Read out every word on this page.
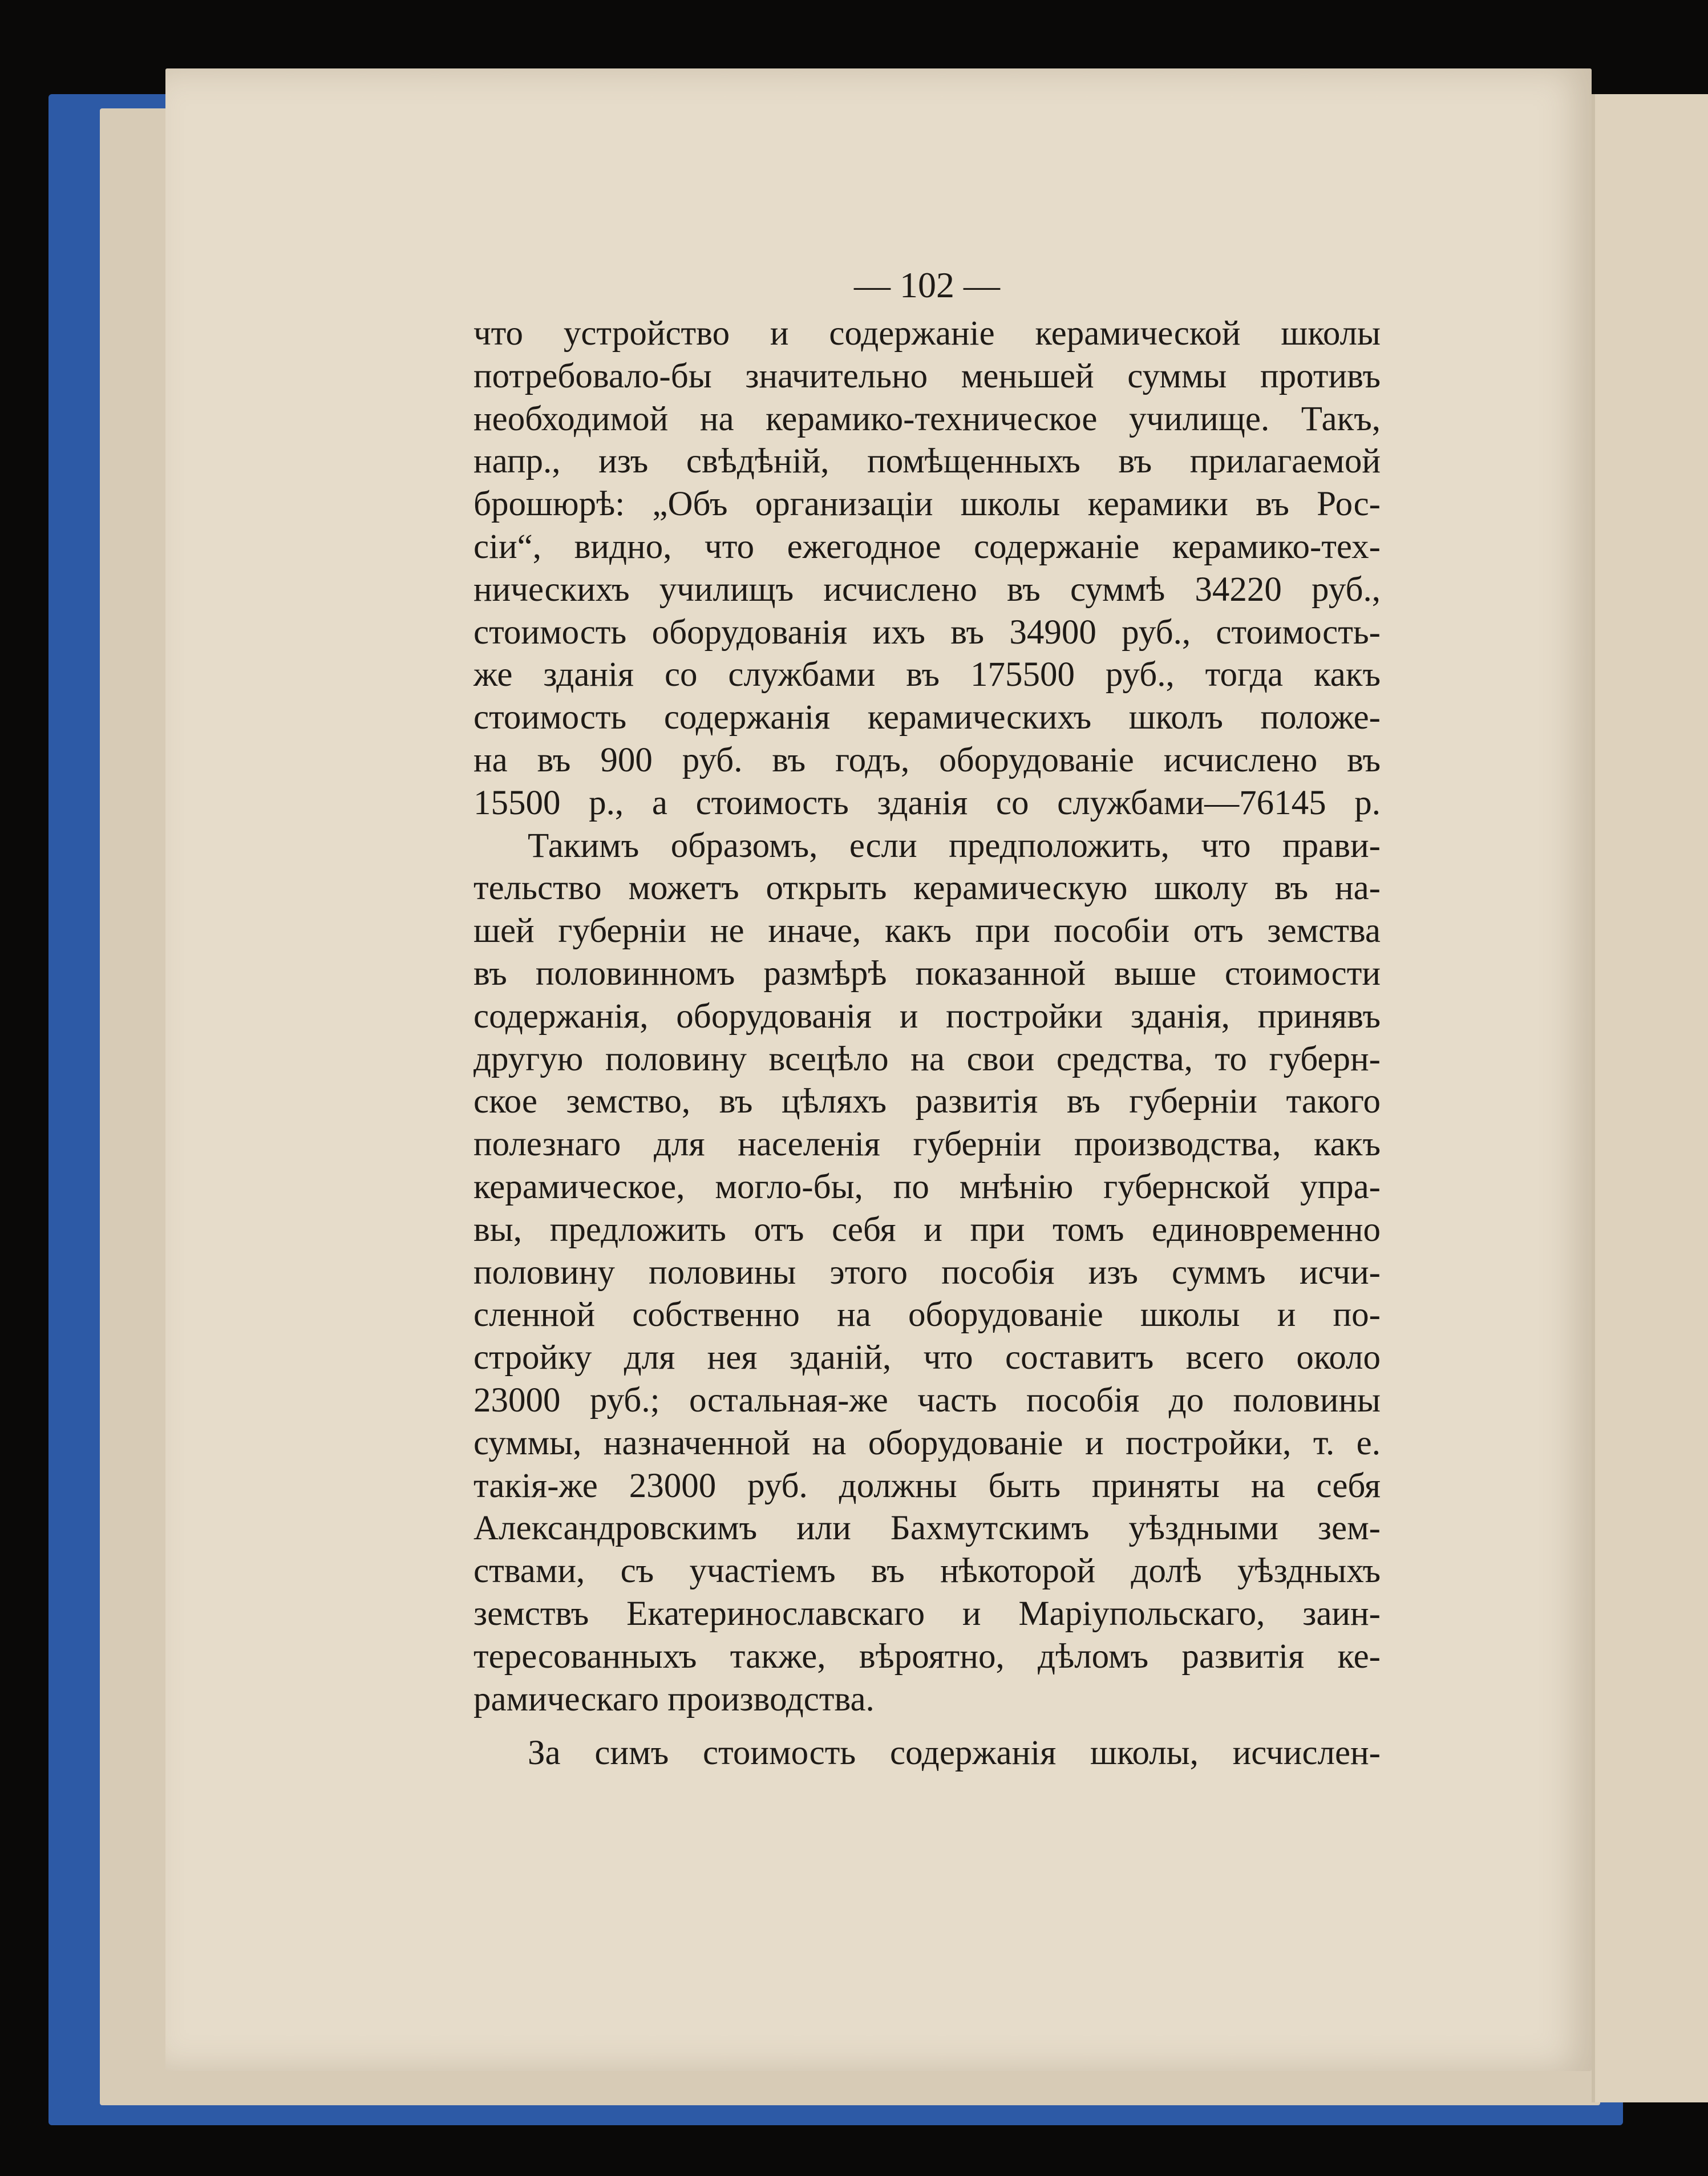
— 102 —
что устройство и содержаніе керамической школы
потребовало-бы значительно меньшей суммы противъ
необходимой на керамико-техническое училище. Такъ,
напр., изъ свѣдѣній, помѣщенныхъ въ прилагаемой
брошюрѣ: „Объ организаціи школы керамики въ Рос-
сіи“, видно, что ежегодное содержаніе керамико-тех-
ническихъ училищъ исчислено въ суммѣ 34220 руб.,
стоимость оборудованія ихъ въ 34900 руб., стоимость-
же зданія со службами въ 175500 руб., тогда какъ
стоимость содержанія керамическихъ школъ положе-
на въ 900 руб. въ годъ, оборудованіе исчислено въ
15500 р., а стоимость зданія со службами—76145 р.
Такимъ образомъ, если предположить, что прави-
тельство можетъ открыть керамическую школу въ на-
шей губерніи не иначе, какъ при пособіи отъ земства
въ половинномъ размѣрѣ показанной выше стоимости
содержанія, оборудованія и постройки зданія, принявъ
другую половину всецѣло на свои средства, то губерн-
ское земство, въ цѣляхъ развитія въ губерніи такого
полезнаго для населенія губерніи производства, какъ
керамическое, могло-бы, по мнѣнію губернской упра-
вы, предложить отъ себя и при томъ единовременно
половину половины этого пособія изъ суммъ исчи-
сленной собственно на оборудованіе школы и по-
стройку для нея зданій, что составитъ всего около
23000 руб.; остальная-же часть пособія до половины
суммы, назначенной на оборудованіе и постройки, т. е.
такія-же 23000 руб. должны быть приняты на себя
Александровскимъ или Бахмутскимъ уѣздными зем-
ствами, съ участіемъ въ нѣкоторой долѣ уѣздныхъ
земствъ Екатеринославскаго и Маріупольскаго, заин-
тересованныхъ также, вѣроятно, дѣломъ развитія ке-
рамическаго производства.
За симъ стоимость содержанія школы, исчислен-
